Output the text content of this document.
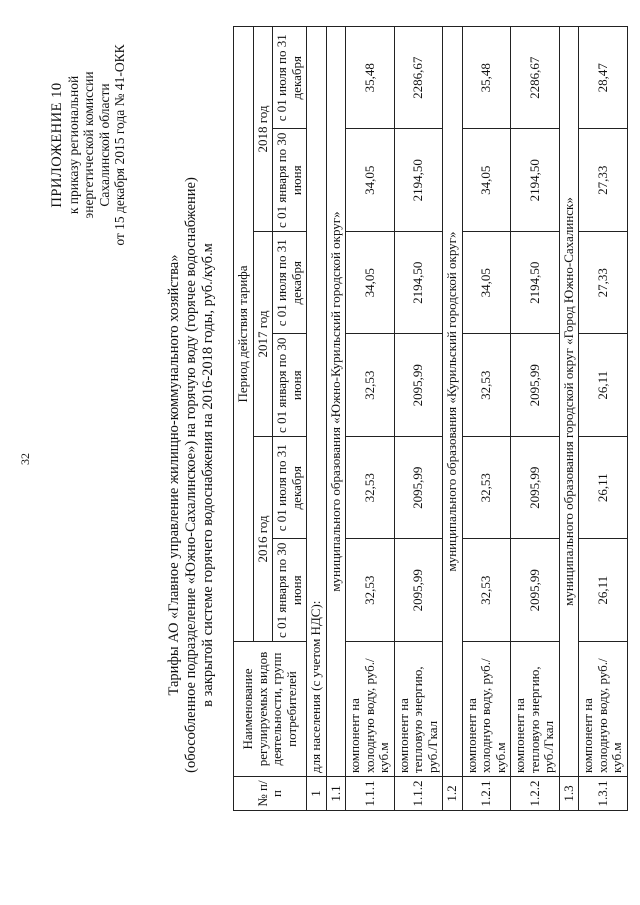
32
ПРИЛОЖЕНИЕ 10 к приказу региональной энергетической комиссии Сахалинской области от 15 декабря 2015 года № 41-ОКК
Тарифы АО «Главное управление жилищно-коммунального хозяйства» (обособленное подразделение «Южно-Сахалинское») на горячую воду (горячее водоснабжение) в закрытой системе горячего водоснабжения на 2016-2018 годы, руб./куб.м
№ п/п	Наименование регулируемых видов деятельности, групп потребителей	Период действия тарифа					
		2016 год		2017 год		2018 год	
		с 01 января по 30 июня	с 01 июля по 31 декабря	с 01 января по 30 июня	с 01 июля по 31 декабря	с 01 января по 30 июня	с 01 июля по 31 декабря
1	для населения (с учетом НДС):						
1.1	муниципального образования «Южно-Курильский городской округ»						
1.1.1	компонент на холодную воду, руб./куб.м	32,53	32,53	32,53	34,05	34,05	35,48
1.1.2	компонент на тепловую энергию, руб./Гкал	2095,99	2095,99	2095,99	2194,50	2194,50	2286,67
1.2	муниципального образования «Курильский городской округ»						
1.2.1	компонент на холодную воду, руб./куб.м	32,53	32,53	32,53	34,05	34,05	35,48
1.2.2	компонент на тепловую энергию, руб./Гкал	2095,99	2095,99	2095,99	2194,50	2194,50	2286,67
1.3	муниципального образования городской округ «Город Южно-Сахалинск»						
1.3.1	компонент на холодную воду, руб./куб.м	26,11	26,11	26,11	27,33	27,33	28,47
